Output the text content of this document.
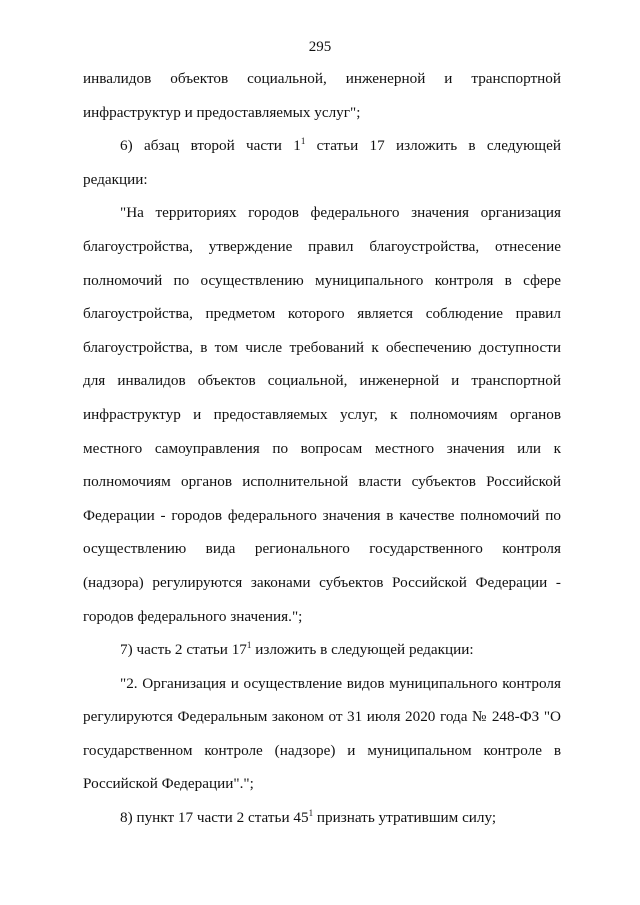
295

инвалидов объектов социальной, инженерной и транспортной инфраструктур и предоставляемых услуг";

6) абзац второй части $1^1$ статьи 17 изложить в следующей редакции:

"На территориях городов федерального значения организация благоустройства, утверждение правил благоустройства, отнесение полномочий по осуществлению муниципального контроля в сфере благоустройства, предметом которого является соблюдение правил благоустройства, в том числе требований к обеспечению доступности для инвалидов объектов социальной, инженерной и транспортной инфраструктур и предоставляемых услуг, к полномочиям органов местного самоуправления по вопросам местного значения или к полномочиям органов исполнительной власти субъектов Российской Федерации - городов федерального значения в качестве полномочий по осуществлению вида регионального государственного контроля (надзора) регулируются законами субъектов Российской Федерации - городов федерального значения.";

7) часть 2 статьи $17^1$ изложить в следующей редакции:

"2. Организация и осуществление видов муниципального контроля регулируются Федеральным законом от 31 июля 2020 года № 248-ФЗ "О государственном контроле (надзоре) и муниципальном контроле в Российской Федерации".";

8) пункт 17 части 2 статьи $45^1$ признать утратившим силу;
